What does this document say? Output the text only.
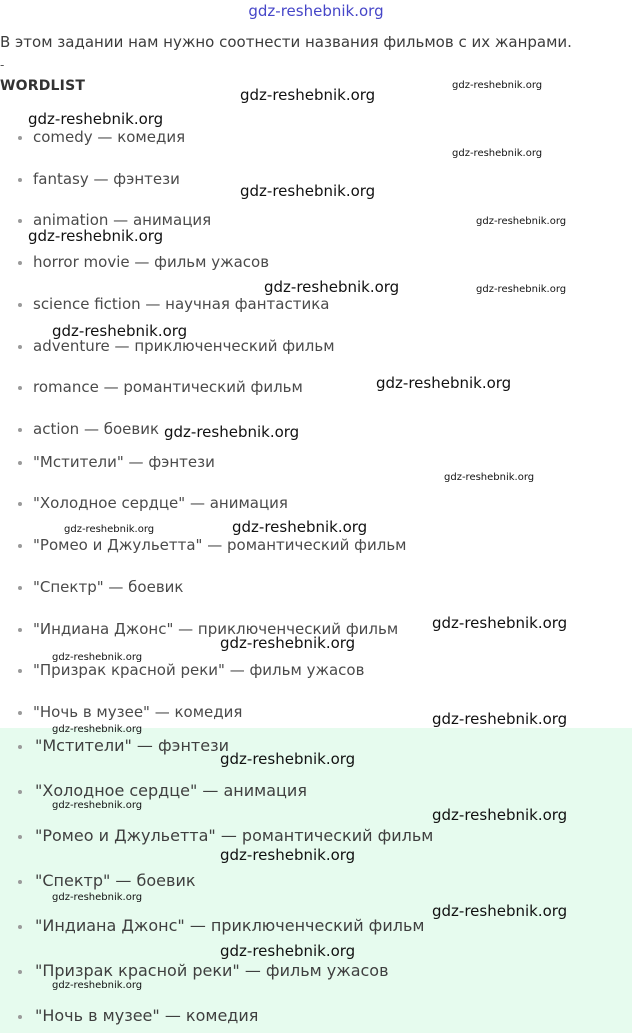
gdz-reshebnik.org
В этом задании нам нужно соотнести названия фильмов с их жанрами.
-
WORDLIST
comedy — комедия
fantasy — фэнтези
animation — анимация
horror movie — фильм ужасов
science fiction — научная фантастика
adventure — приключенческий фильм
romance — романтический фильм
action — боевик
"Мстители" — фэнтези
"Холодное сердце" — анимация
"Ромео и Джульетта" — романтический фильм
"Спектр" — боевик
"Индиана Джонс" — приключенческий фильм
"Призрак красной реки" — фильм ужасов
"Ночь в музее" — комедия
"Мстители" — фэнтези
"Холодное сердце" — анимация
"Ромео и Джульетта" — романтический фильм
"Спектр" — боевик
"Индиана Джонс" — приключенческий фильм
"Призрак красной реки" — фильм ужасов
"Ночь в музее" — комедия
gdz-reshebnik.org
gdz-reshebnik.org
gdz-reshebnik.org
gdz-reshebnik.org
gdz-reshebnik.org
gdz-reshebnik.org
gdz-reshebnik.org
gdz-reshebnik.org	gdz-reshebnik.org
gdz-reshebnik.org
gdz-reshebnik.org
gdz-reshebnik.org
gdz-reshebnik.org
gdz-reshebnik.org	gdz-reshebnik.org
gdz-reshebnik.org
gdz-reshebnik.org
gdz-reshebnik.org
gdz-reshebnik.org
gdz-reshebnik.org
gdz-reshebnik.org
gdz-reshebnik.org
gdz-reshebnik.org
gdz-reshebnik.org
gdz-reshebnik.org
gdz-reshebnik.org
gdz-reshebnik.org
gdz-reshebnik.org
